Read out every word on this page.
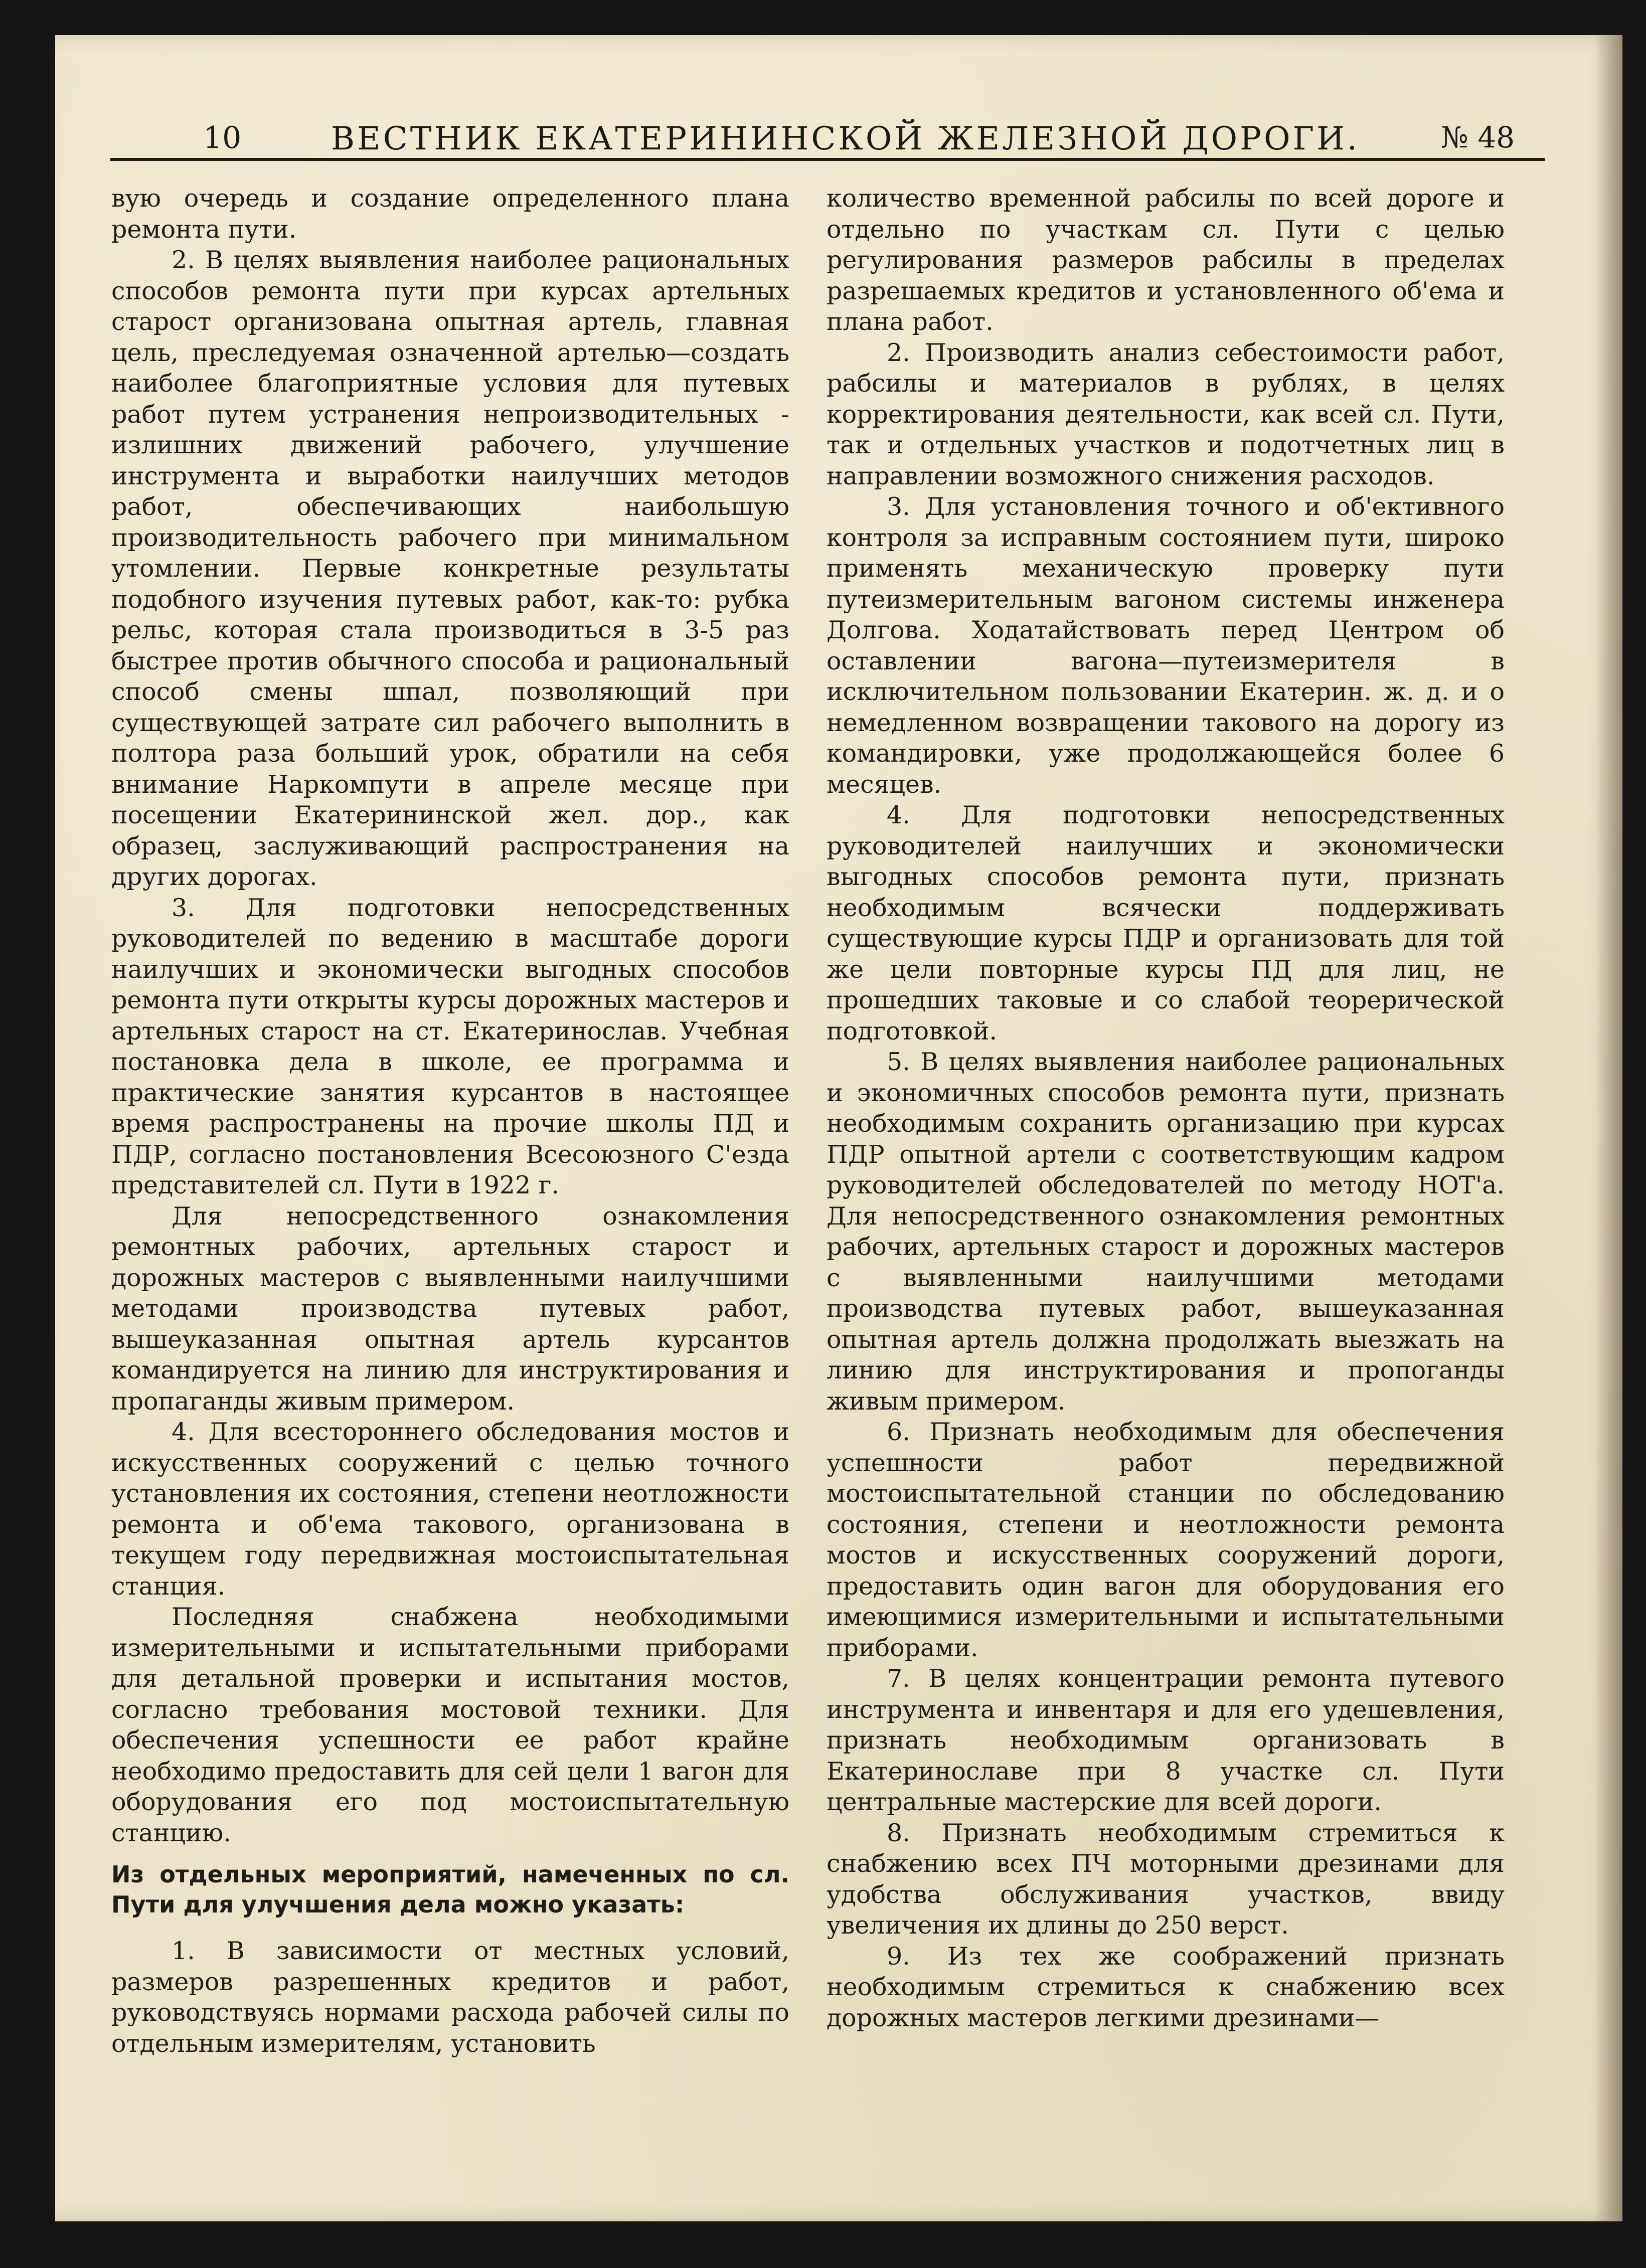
10	ВЕСТНИК ЕКАТЕРИНИНСКОЙ ЖЕЛЕЗНОЙ ДОРОГИ.	№ 48

вую очередь и создание определенного плана ремонта пути.

2. В целях выявления наиболее рациональных способов ремонта пути при курсах артельных старост организована опытная артель, главная цель, преследуемая означенной артелью—создать наиболее благоприятные условия для путевых работ путем устранения непроизводительных - излишних движений рабочего, улучшение инструмента и выработки наилучших методов работ, обеспечивающих наибольшую производительность рабочего при минимальном утомлении. Первые конкретные результаты подобного изучения путевых работ, как-то: рубка рельс, которая стала производиться в 3-5 раз быстрее против обычного способа и рациональный способ смены шпал, позволяющий при существующей затрате сил рабочего выполнить в полтора раза больший урок, обратили на себя внимание Наркомпути в апреле месяце при посещении Екатерининской жел. дор., как образец, заслуживающий распространения на других дорогах.

3. Для подготовки непосредственных руководителей по ведению в масштабе дороги наилучших и экономически выгодных способов ремонта пути открыты курсы дорожных мастеров и артельных старост на ст. Екатеринослав. Учебная постановка дела в школе, ее программа и практические занятия курсантов в настоящее время распространены на прочие школы ПД и ПДР, согласно постановления Всесоюзного С'езда представителей сл. Пути в 1922 г.

Для непосредственного ознакомления ремонтных рабочих, артельных старост и дорожных мастеров с выявленными наилучшими методами производства путевых работ, вышеуказанная опытная артель курсантов командируется на линию для инструктирования и пропаганды живым примером.

4. Для всестороннего обследования мостов и искусственных сооружений с целью точного установления их состояния, степени неотложности ремонта и об'ема такового, организована в текущем году передвижная мостоиспытательная станция.

Последняя снабжена необходимыми измерительными и испытательными приборами для детальной проверки и испытания мостов, согласно требования мостовой техники. Для обеспечения успешности ее работ крайне необходимо предоставить для сей цели 1 вагон для оборудования его под мостоиспытательную станцию.

Из отдельных мероприятий, намеченных по сл. Пути для улучшения дела можно указать:

1. В зависимости от местных условий, размеров разрешенных кредитов и работ, руководствуясь нормами расхода рабочей силы по отдельным измерителям, установить

количество временной рабсилы по всей дороге и отдельно по участкам сл. Пути с целью регулирования размеров рабсилы в пределах разрешаемых кредитов и установленного об'ема и плана работ.

2. Производить анализ себестоимости работ, рабсилы и материалов в рублях, в целях корректирования деятельности, как всей сл. Пути, так и отдельных участков и подотчетных лиц в направлении возможного снижения расходов.

3. Для установления точного и об'ективного контроля за исправным состоянием пути, широко применять механическую проверку пути путеизмерительным вагоном системы инженера Долгова. Ходатайствовать перед Центром об оставлении вагона—путеизмерителя в исключительном пользовании Екатерин. ж. д. и о немедленном возвращении такового на дорогу из командировки, уже продолжающейся более 6 месяцев.

4. Для подготовки непосредственных руководителей наилучших и экономически выгодных способов ремонта пути, признать необходимым всячески поддерживать существующие курсы ПДР и организовать для той же цели повторные курсы ПД для лиц, не прошедших таковые и со слабой теорерической подготовкой.

5. В целях выявления наиболее рациональных и экономичных способов ремонта пути, признать необходимым сохранить организацию при курсах ПДР опытной артели с соответствующим кадром руководителей обследователей по методу НОТ'а. Для непосредственного ознакомления ремонтных рабочих, артельных старост и дорожных мастеров с выявленными наилучшими методами производства путевых работ, вышеуказанная опытная артель должна продолжать выезжать на линию для инструктирования и пропоганды живым примером.

6. Признать необходимым для обеспечения успешности работ передвижной мостоиспытательной станции по обследованию состояния, степени и неотложности ремонта мостов и искусственных сооружений дороги, предоставить один вагон для оборудования его имеющимися измерительными и испытательными приборами.

7. В целях концентрации ремонта путевого инструмента и инвентаря и для его удешевления, признать необходимым организовать в Екатеринославе при 8 участке сл. Пути центральные мастерские для всей дороги.

8. Признать необходимым стремиться к снабжению всех ПЧ моторными дрезинами для удобства обслуживания участков, ввиду увеличения их длины до 250 верст.

9. Из тех же соображений признать необходимым стремиться к снабжению всех дорожных мастеров легкими дрезинами—
